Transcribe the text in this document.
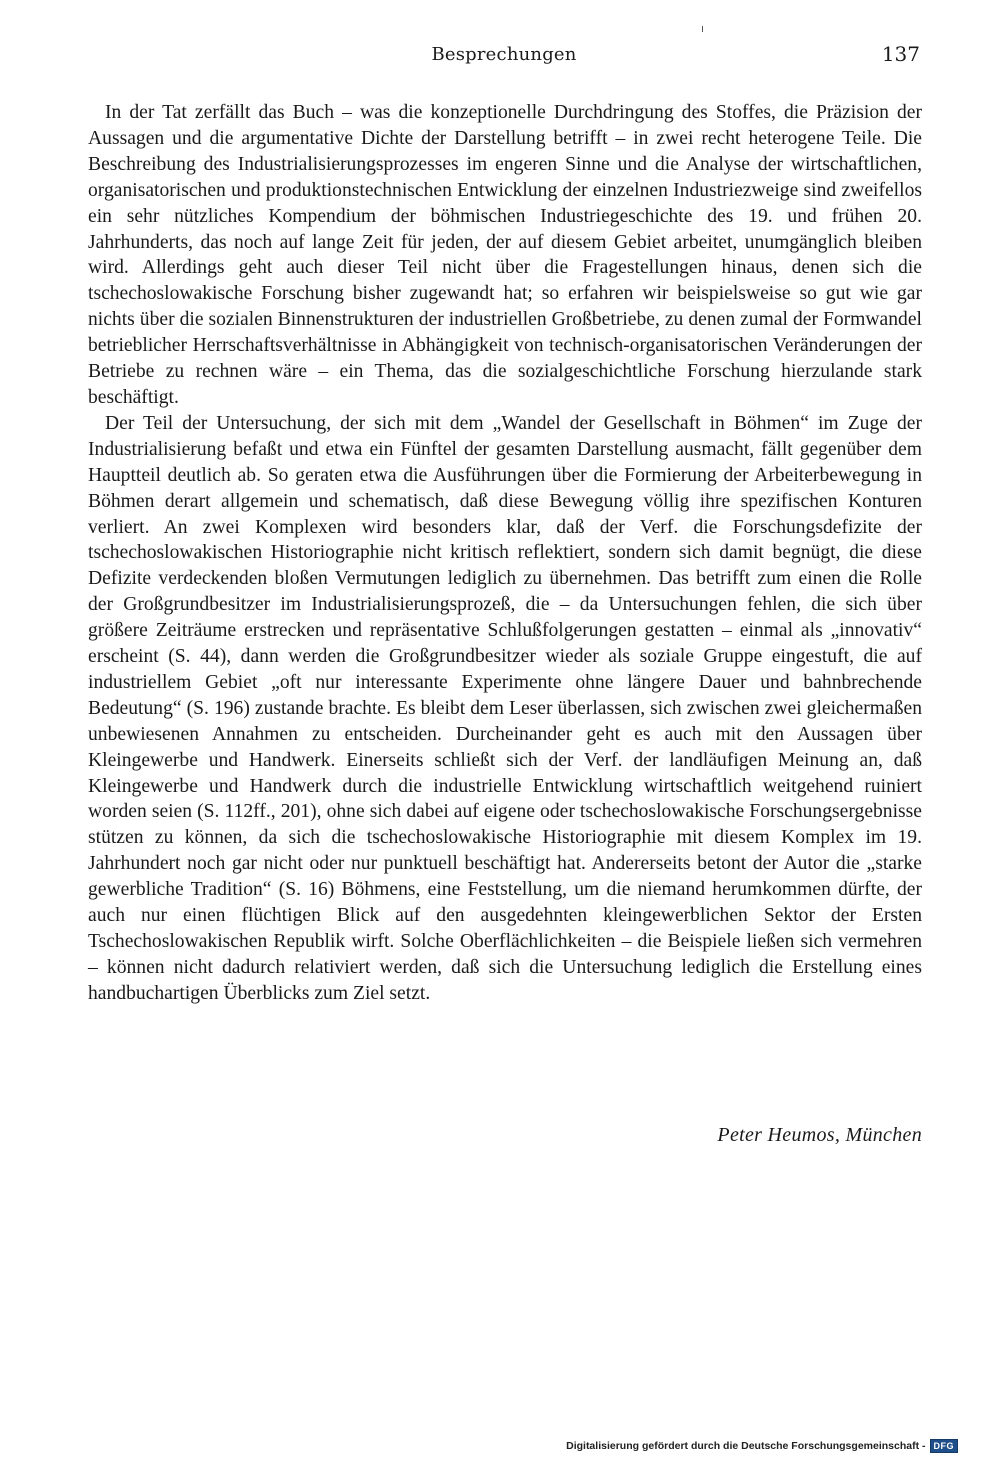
Besprechungen	137

In der Tat zerfällt das Buch – was die konzeptionelle Durchdringung des Stoffes, die Präzision der Aussagen und die argumentative Dichte der Darstellung betrifft – in zwei recht heterogene Teile. Die Beschreibung des Industrialisierungsprozesses im engeren Sinne und die Analyse der wirtschaftlichen, organisatorischen und produktionstechnischen Entwicklung der einzelnen Industriezweige sind zweifellos ein sehr nützliches Kompendium der böhmischen Industriegeschichte des 19. und frühen 20. Jahrhunderts, das noch auf lange Zeit für jeden, der auf diesem Gebiet arbeitet, unumgänglich bleiben wird. Allerdings geht auch dieser Teil nicht über die Fragestellungen hinaus, denen sich die tschechoslowakische Forschung bisher zugewandt hat; so erfahren wir beispielsweise so gut wie gar nichts über die sozialen Binnenstrukturen der industriellen Großbetriebe, zu denen zumal der Formwandel betrieblicher Herrschaftsverhältnisse in Abhängigkeit von technisch-organisatorischen Veränderungen der Betriebe zu rechnen wäre – ein Thema, das die sozialgeschichtliche Forschung hierzulande stark beschäftigt.

Der Teil der Untersuchung, der sich mit dem „Wandel der Gesellschaft in Böhmen“ im Zuge der Industrialisierung befaßt und etwa ein Fünftel der gesamten Darstellung ausmacht, fällt gegenüber dem Hauptteil deutlich ab. So geraten etwa die Ausführungen über die Formierung der Arbeiterbewegung in Böhmen derart allgemein und schematisch, daß diese Bewegung völlig ihre spezifischen Konturen verliert. An zwei Komplexen wird besonders klar, daß der Verf. die Forschungsdefizite der tschechoslowakischen Historiographie nicht kritisch reflektiert, sondern sich damit begnügt, die diese Defizite verdeckenden bloßen Vermutungen lediglich zu übernehmen. Das betrifft zum einen die Rolle der Großgrundbesitzer im Industrialisierungsprozeß, die – da Untersuchungen fehlen, die sich über größere Zeiträume erstrecken und repräsentative Schlußfolgerungen gestatten – einmal als „innovativ“ erscheint (S. 44), dann werden die Großgrundbesitzer wieder als soziale Gruppe eingestuft, die auf industriellem Gebiet „oft nur interessante Experimente ohne längere Dauer und bahnbrechende Bedeutung“ (S. 196) zustande brachte. Es bleibt dem Leser überlassen, sich zwischen zwei gleichermaßen unbewiesenen Annahmen zu entscheiden. Durcheinander geht es auch mit den Aussagen über Kleingewerbe und Handwerk. Einerseits schließt sich der Verf. der landläufigen Meinung an, daß Kleingewerbe und Handwerk durch die industrielle Entwicklung wirtschaftlich weitgehend ruiniert worden seien (S. 112ff., 201), ohne sich dabei auf eigene oder tschechoslowakische Forschungsergebnisse stützen zu können, da sich die tschechoslowakische Historiographie mit diesem Komplex im 19. Jahrhundert noch gar nicht oder nur punktuell beschäftigt hat. Andererseits betont der Autor die „starke gewerbliche Tradition“ (S. 16) Böhmens, eine Feststellung, um die niemand herumkommen dürfte, der auch nur einen flüchtigen Blick auf den ausgedehnten kleingewerblichen Sektor der Ersten Tschechoslowakischen Republik wirft. Solche Oberflächlichkeiten – die Beispiele ließen sich vermehren – können nicht dadurch relativiert werden, daß sich die Untersuchung lediglich die Erstellung eines handbuchartigen Überblicks zum Ziel setzt.

Peter Heumos, München
Digitalisierung gefördert durch die Deutsche Forschungsgemeinschaft - DFG
